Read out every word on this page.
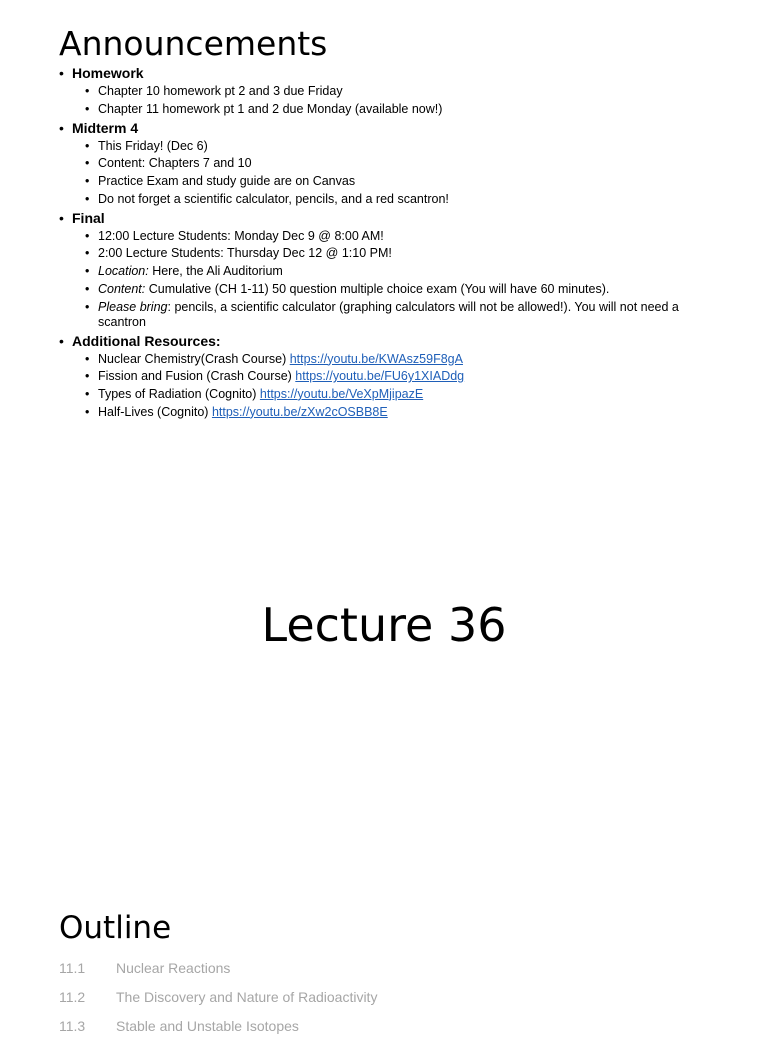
Announcements
• Homework
• Chapter 10 homework pt 2 and 3 due Friday
• Chapter 11 homework pt 1 and 2 due Monday (available now!)
• Midterm 4
• This Friday! (Dec 6)
• Content: Chapters 7 and 10
• Practice Exam and study guide are on Canvas
• Do not forget a scientific calculator, pencils, and a red scantron!
• Final
• 12:00 Lecture Students: Monday Dec 9 @ 8:00 AM!
• 2:00 Lecture Students: Thursday Dec 12 @ 1:10 PM!
• Location: Here, the Ali Auditorium
• Content: Cumulative (CH 1-11) 50 question multiple choice exam (You will have 60 minutes).
• Please bring: pencils, a scientific calculator (graphing calculators will not be allowed!). You will not need a scantron
• Additional Resources:
• Nuclear Chemistry(Crash Course) https://youtu.be/KWAsz59F8gA
• Fission and Fusion (Crash Course) https://youtu.be/FU6y1XIADdg
• Types of Radiation (Cognito) https://youtu.be/VeXpMjipazE
• Half-Lives (Cognito) https://youtu.be/zXw2cOSBB8E
Lecture 36
Outline
11.1 Nuclear Reactions
11.2 The Discovery and Nature of Radioactivity
11.3 Stable and Unstable Isotopes
